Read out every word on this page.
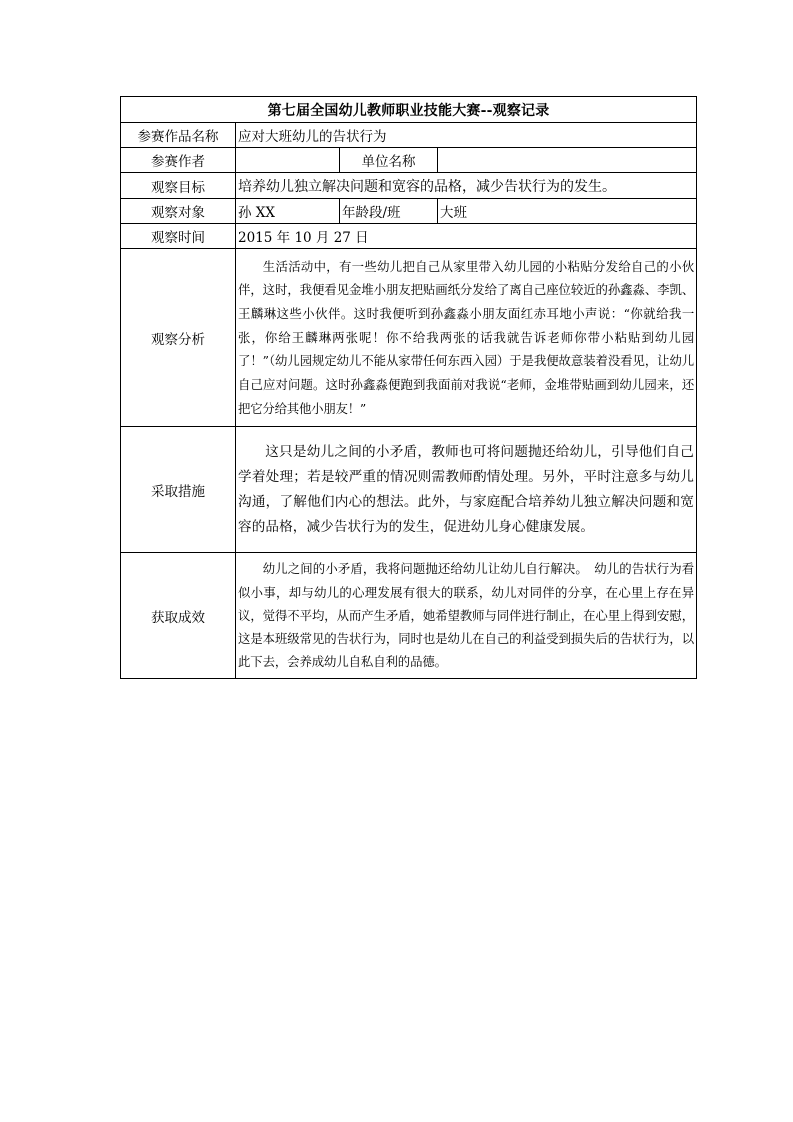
第七届全国幼儿教师职业技能大赛--观察记录			
参赛作品名称	应对大班幼儿的告状行为		
参赛作者		单位名称	
观察目标	培养幼儿独立解决问题和宽容的品格，减少告状行为的发生。		
观察对象	孙 XX	年龄段/班	大班
观察时间	2015 年 10 月 27 日		
观察分析	生活活动中，有一些幼儿把自己从家里带入幼儿园的小粘贴分发给自己的小伙伴，这时，我便看见金堆小朋友把贴画纸分发给了离自己座位较近的孙鑫淼、李凯、王麟琳这些小伙伴。这时我便听到孙鑫淼小朋友面红赤耳地小声说：“你就给我一张，你给王麟琳两张呢！你不给我两张的话我就告诉老师你带小粘贴到幼儿园了！”（幼儿园规定幼儿不能从家带任何东西入园）于是我便故意装着没看见，让幼儿自己应对问题。这时孙鑫淼便跑到我面前对我说“老师，金堆带贴画到幼儿园来，还把它分给其他小朋友！”		
采取措施	这只是幼儿之间的小矛盾，教师也可将问题抛还给幼儿，引导他们自己学着处理；若是较严重的情况则需教师酌情处理。另外，平时注意多与幼儿沟通，了解他们内心的想法。此外，与家庭配合培养幼儿独立解决问题和宽容的品格，减少告状行为的发生，促进幼儿身心健康发展。		
获取成效	幼儿之间的小矛盾，我将问题抛还给幼儿让幼儿自行解决。　幼儿的告状行为看似小事，却与幼儿的心理发展有很大的联系，幼儿对同伴的分享，在心里上存在异议，觉得不平均，从而产生矛盾，她希望教师与同伴进行制止，在心里上得到安慰，这是本班级常见的告状行为，同时也是幼儿在自己的利益受到损失后的告状行为，以此下去，会养成幼儿自私自利的品德。		
